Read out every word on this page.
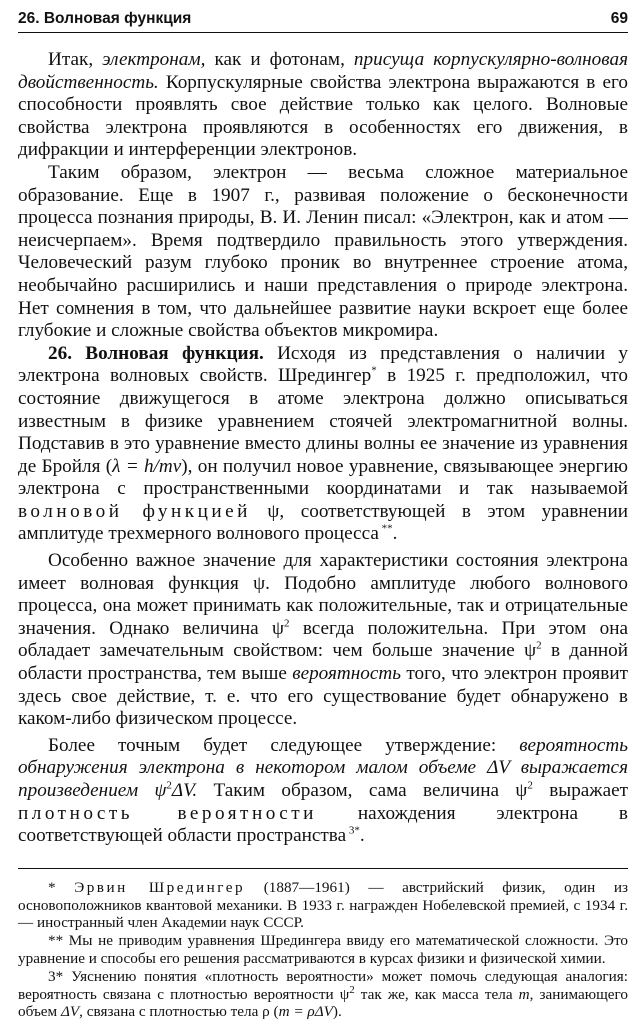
26. Волновая функция	69

Итак, электронам, как и фотонам, присуща корпускулярно-волновая двойственность. Корпускулярные свойства электрона выражаются в его способности проявлять свое действие только как целого. Волновые свойства электрона проявляются в особенностях его движения, в дифракции и интерференции электронов.

Таким образом, электрон — весьма сложное материальное образование. Еще в 1907 г., развивая положение о бесконечности процесса познания природы, В. И. Ленин писал: «Электрон, как и атом — неисчерпаем». Время подтвердило правильность этого утверждения. Человеческий разум глубоко проник во внутреннее строение атома, необычайно расширились и наши представления о природе электрона. Нет сомнения в том, что дальнейшее развитие науки вскроет еще более глубокие и сложные свойства объектов микромира.

26. Волновая функция. Исходя из представления о наличии у электрона волновых свойств. Шредингер* в 1925 г. предположил, что состояние движущегося в атоме электрона должно описываться известным в физике уравнением стоячей электромагнитной волны. Подставив в это уравнение вместо длины волны ее значение из уравнения де Бройля (λ = h/mv), он получил новое уравнение, связывающее энергию электрона с пространственными координатами и так называемой волновой функцией ψ, соответствующей в этом уравнении амплитуде трехмерного волнового процесса **.

Особенно важное значение для характеристики состояния электрона имеет волновая функция ψ. Подобно амплитуде любого волнового процесса, она может принимать как положительные, так и отрицательные значения. Однако величина $\psi^2$ всегда положительна. При этом она обладает замечательным свойством: чем больше значение $\psi^2$ в данной области пространства, тем выше вероятность того, что электрон проявит здесь свое действие, т. е. что его существование будет обнаружено в каком-либо физическом процессе.

Более точным будет следующее утверждение: вероятность обнаружения электрона в некотором малом объеме ΔV выражается произведением $\psi^2\Delta V$. Таким образом, сама величина $\psi^2$ выражает плотность вероятности нахождения электрона в соответствующей области пространства $^{3*}$.

* Эрвин Шредингер (1887—1961) — австрийский физик, один из основоположников квантовой механики. В 1933 г. награжден Нобелевской премией, с 1934 г. — иностранный член Академии наук СССР.

** Мы не приводим уравнения Шредингера ввиду его математической сложности. Это уравнение и способы его решения рассматриваются в курсах физики и физической химии.

3* Уяснению понятия «плотность вероятности» может помочь следующая аналогия: вероятность связана с плотностью вероятности $\psi^2$ так же, как масса тела m, занимающего объем ΔV, связана с плотностью тела ρ (m = ρΔV).
